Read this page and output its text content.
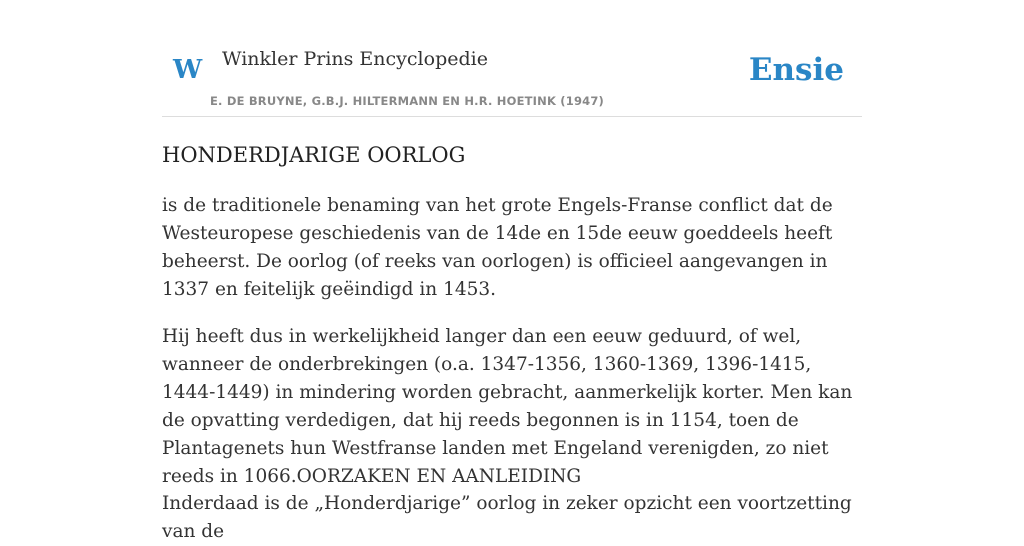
W Winkler Prins Encyclopedie
E. DE BRUYNE, G.B.J. HILTERMANN EN H.R. HOETINK (1947)
Ensie
HONDERDJARIGE OORLOG

is de traditionele benaming van het grote Engels-Franse conflict dat de Westeuropese geschiedenis van de 14de en 15de eeuw goeddeels heeft beheerst. De oorlog (of reeks van oorlogen) is officieel aangevangen in 1337 en feitelijk geëindigd in 1453.

Hij heeft dus in werkelijkheid langer dan een eeuw geduurd, of wel, wanneer de onderbrekingen (o.a. 1347-1356, 1360-1369, 1396-1415, 1444-1449) in mindering worden gebracht, aanmerkelijk korter. Men kan de opvatting verdedigen, dat hij reeds begonnen is in 1154, toen de Plantagenets hun Westfranse landen met Engeland verenigden, zo niet reeds in 1066.OORZAKEN EN AANLEIDING

Inderdaad is de „Honderdjarige” oorlog in zeker opzicht een voortzetting van de
